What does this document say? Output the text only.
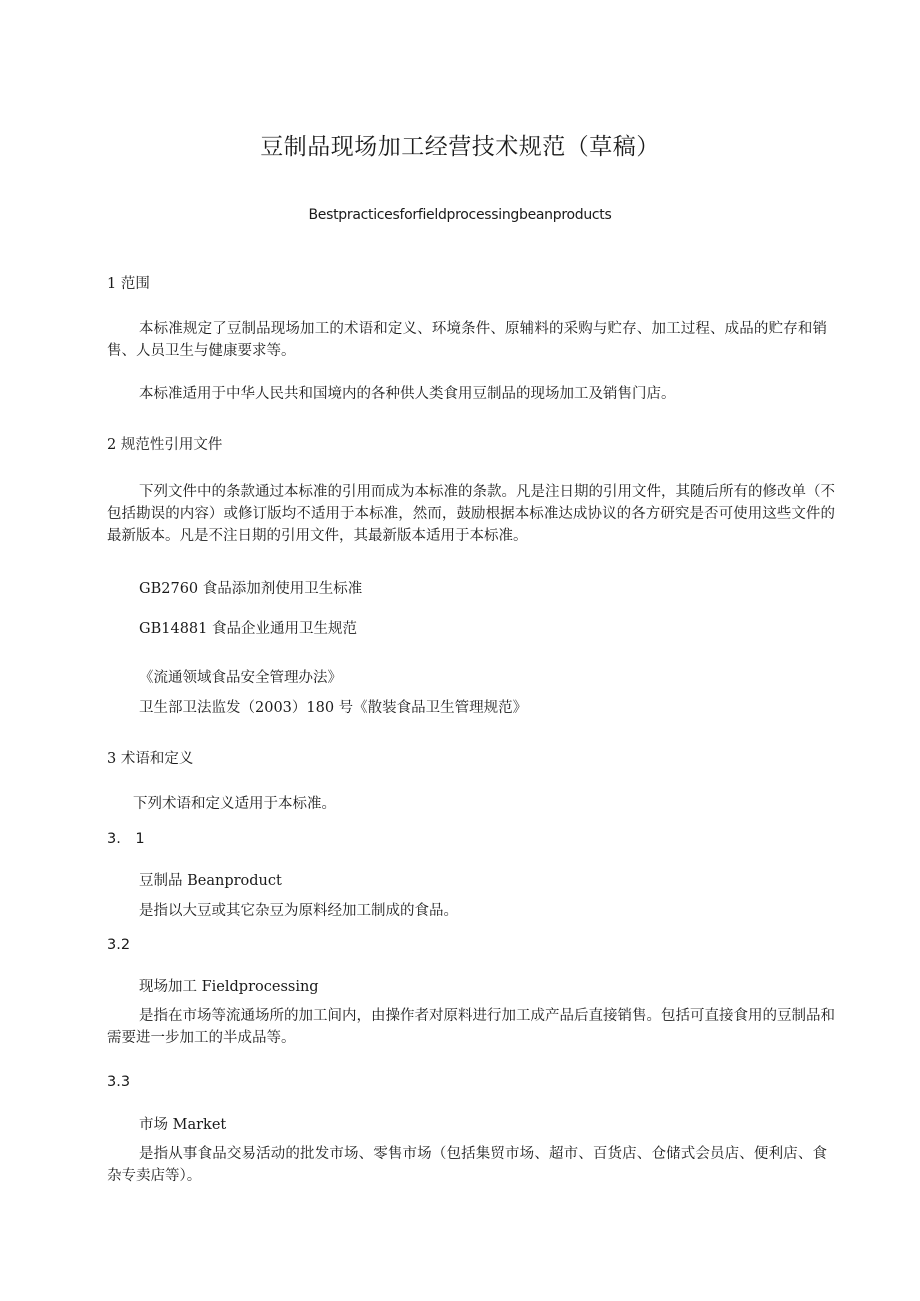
豆制品现场加工经营技术规范（草稿）

Bestpracticesforfieldprocessingbeanproducts

1 范围

本标准规定了豆制品现场加工的术语和定义、环境条件、原辅料的采购与贮存、加工过程、成品的贮存和销售、人员卫生与健康要求等。

本标准适用于中华人民共和国境内的各种供人类食用豆制品的现场加工及销售门店。

2 规范性引用文件

下列文件中的条款通过本标准的引用而成为本标准的条款。凡是注日期的引用文件，其随后所有的修改单（不包括勘误的内容）或修订版均不适用于本标准，然而，鼓励根据本标准达成协议的各方研究是否可使用这些文件的最新版本。凡是不注日期的引用文件，其最新版本适用于本标准。

GB2760 食品添加剂使用卫生标准

GB14881 食品企业通用卫生规范

《流通领域食品安全管理办法》

卫生部卫法监发（2003）180 号《散装食品卫生管理规范》

3 术语和定义

下列术语和定义适用于本标准。

3.　1

豆制品 Beanproduct

是指以大豆或其它杂豆为原料经加工制成的食品。

3.2

现场加工 Fieldprocessing

是指在市场等流通场所的加工间内，由操作者对原料进行加工成产品后直接销售。包括可直接食用的豆制品和需要进一步加工的半成品等。

3.3

市场 Market

是指从事食品交易活动的批发市场、零售市场（包括集贸市场、超市、百货店、仓储式会员店、便利店、食杂专卖店等）。
